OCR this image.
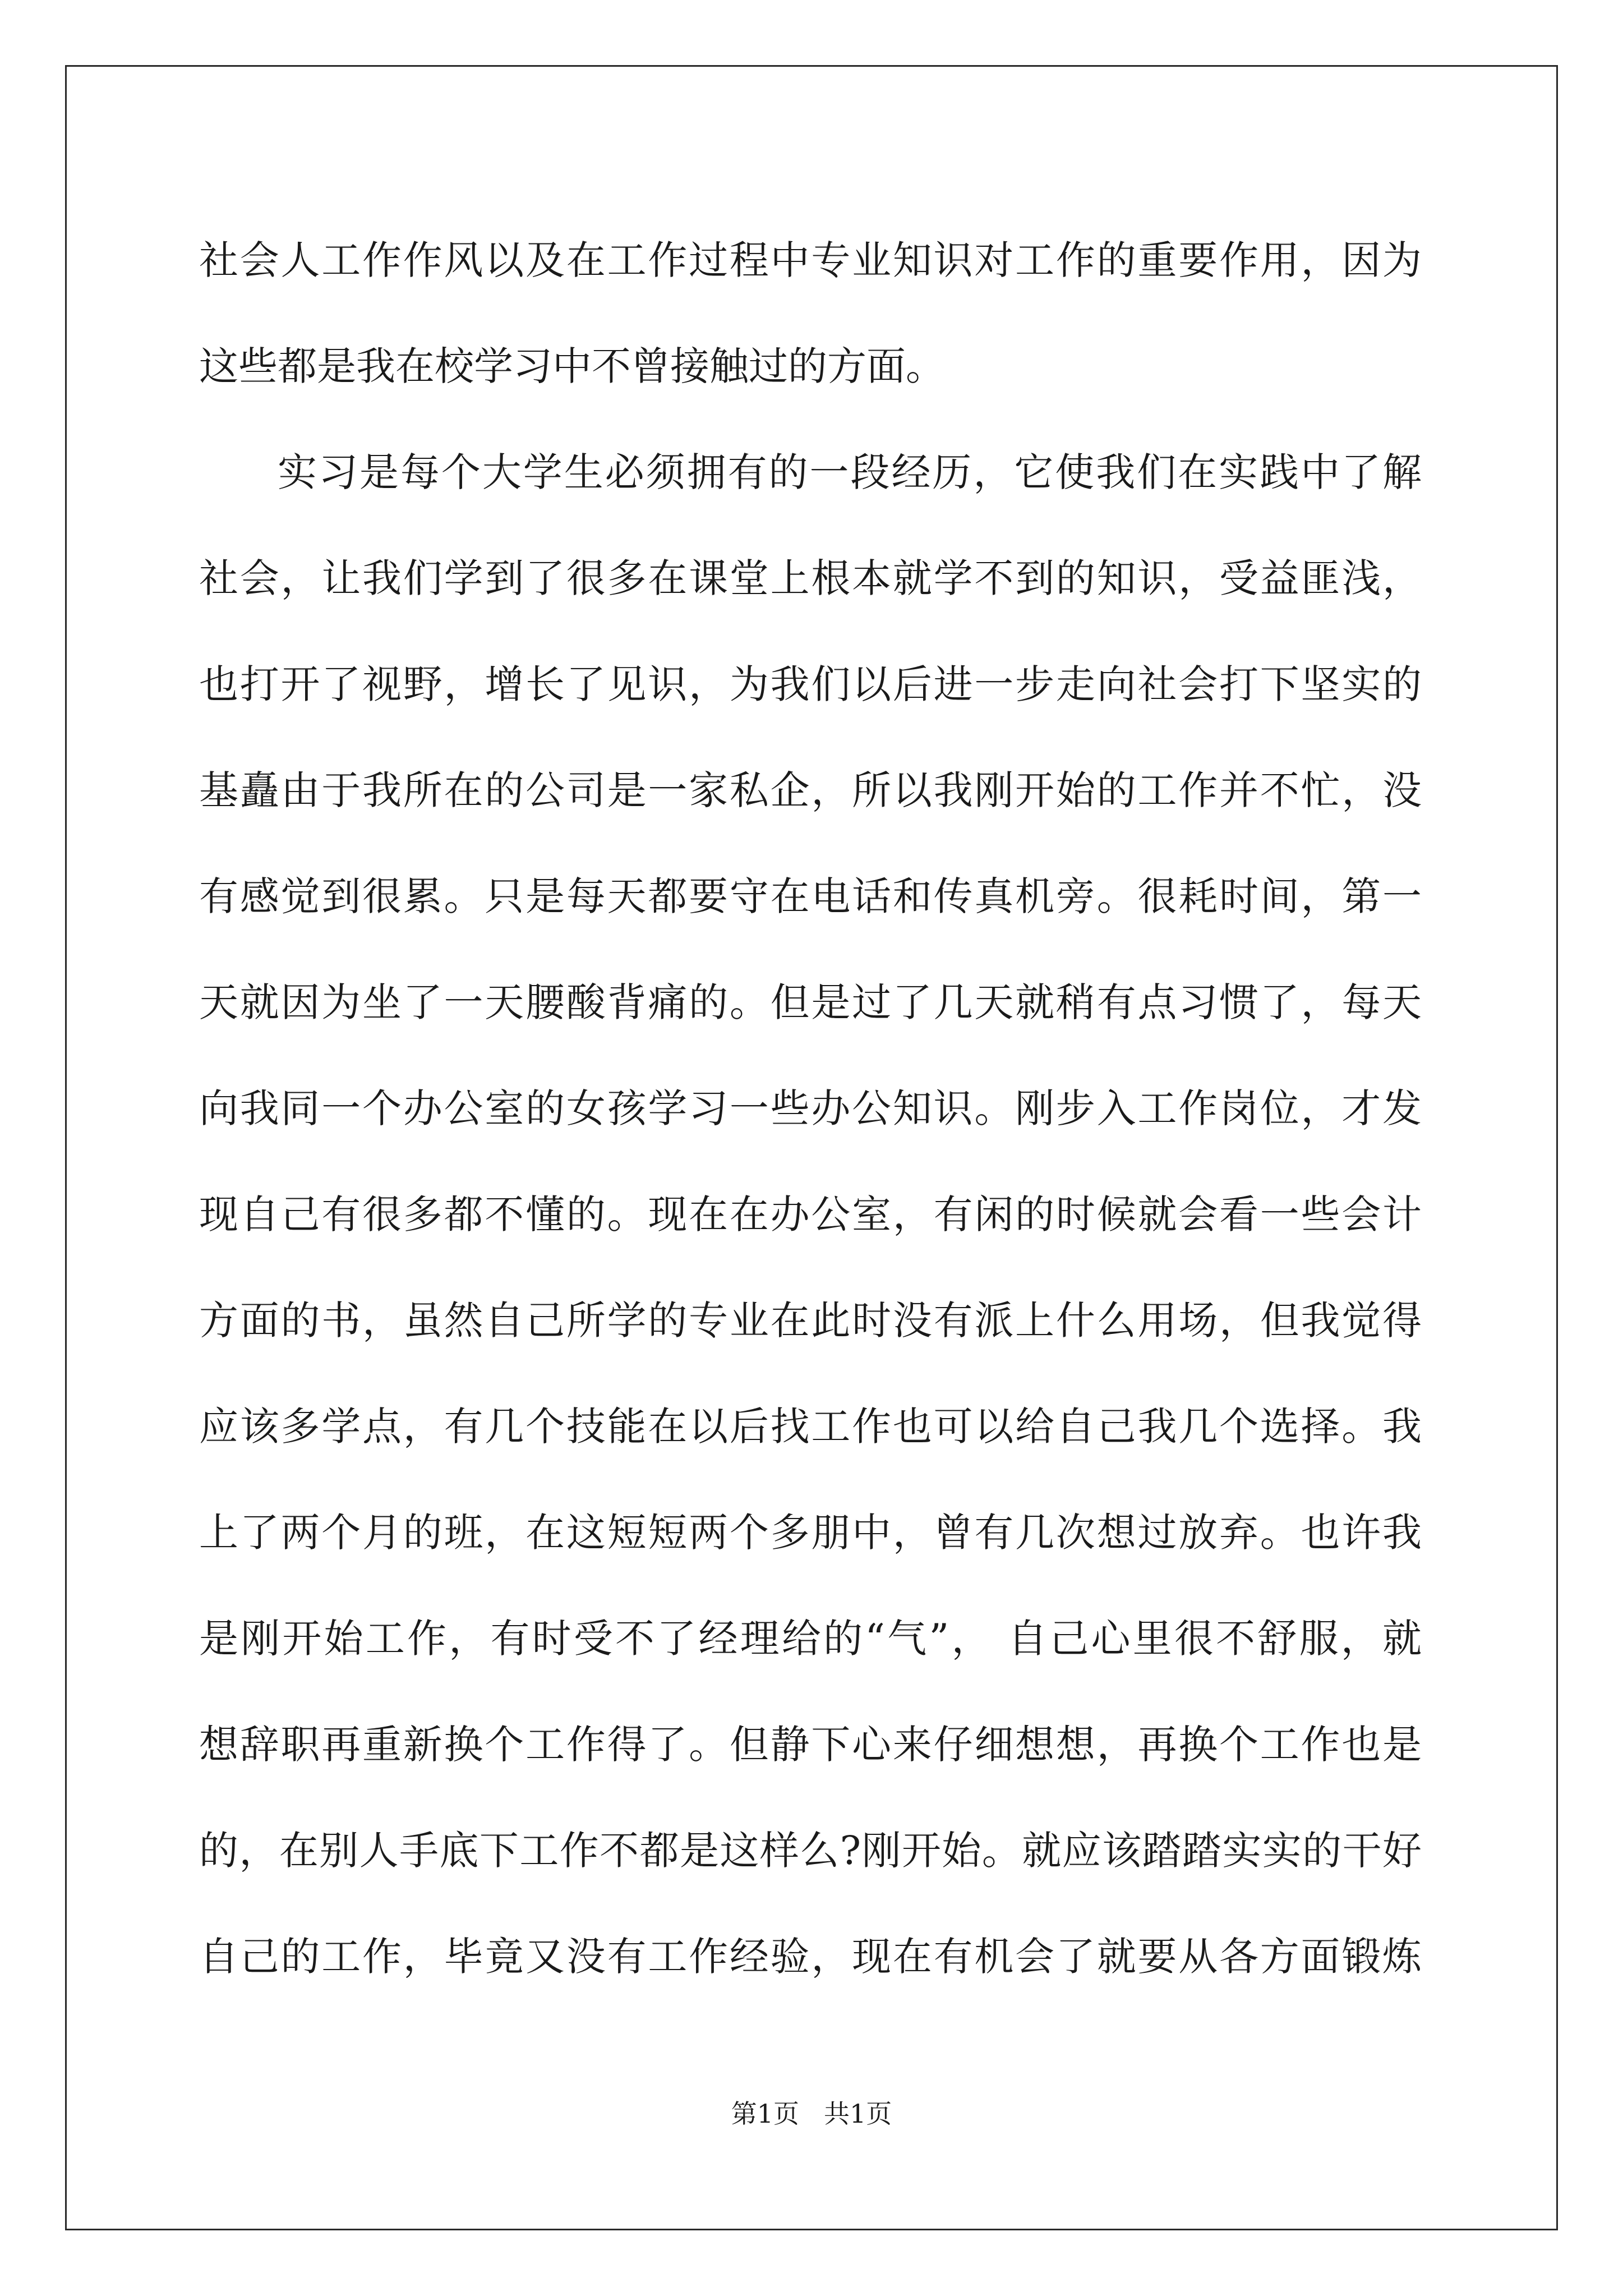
社会人工作作风以及在工作过程中专业知识对工作的重要作用，因为
这些都是我在校学习中不曾接触过的方面。
实习是每个大学生必须拥有的一段经历，它使我们在实践中了解
社会，让我们学到了很多在课堂上根本就学不到的知识，受益匪浅，
也打开了视野，增长了见识，为我们以后进一步走向社会打下坚实的
基矗由于我所在的公司是一家私企，所以我刚开始的工作并不忙，没
有感觉到很累。只是每天都要守在电话和传真机旁。很耗时间，第一
天就因为坐了一天腰酸背痛的。但是过了几天就稍有点习惯了，每天
向我同一个办公室的女孩学习一些办公知识。刚步入工作岗位，才发
现自己有很多都不懂的。现在在办公室，有闲的时候就会看一些会计
方面的书，虽然自己所学的专业在此时没有派上什么用场，但我觉得
应该多学点，有几个技能在以后找工作也可以给自己我几个选择。我
上了两个月的班，在这短短两个多朋中，曾有几次想过放弃。也许我
是刚开始工作，有时受不了经理给的“气”， 自己心里很不舒服，就
想辞职再重新换个工作得了。但静下心来仔细想想，再换个工作也是
的，在别人手底下工作不都是这样么?刚开始。就应该踏踏实实的干好
自己的工作，毕竟又没有工作经验，现在有机会了就要从各方面锻炼
第1页 共1页
